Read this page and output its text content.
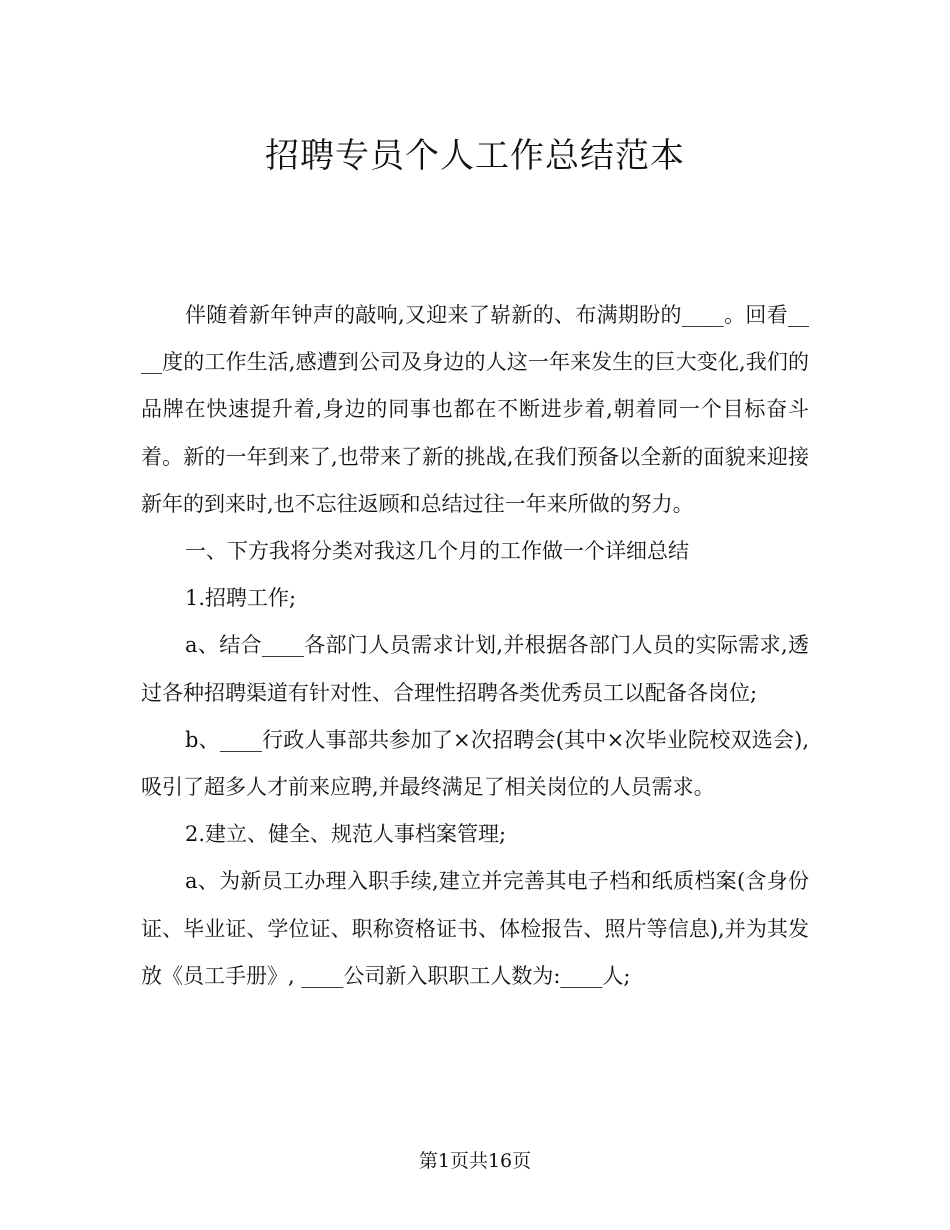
招聘专员个人工作总结范本

伴随着新年钟声的敲响,又迎来了崭新的、布满期盼的____。回看____度的工作生活,感遭到公司及身边的人这一年来发生的巨大变化,我们的品牌在快速提升着,身边的同事也都在不断进步着,朝着同一个目标奋斗着。新的一年到来了,也带来了新的挑战,在我们预备以全新的面貌来迎接新年的到来时,也不忘往返顾和总结过往一年来所做的努力。

一、下方我将分类对我这几个月的工作做一个详细总结

1.招聘工作;

a、结合____各部门人员需求计划,并根据各部门人员的实际需求,透过各种招聘渠道有针对性、合理性招聘各类优秀员工以配备各岗位;

b、____行政人事部共参加了×次招聘会(其中×次毕业院校双选会),吸引了超多人才前来应聘,并最终满足了相关岗位的人员需求。

2.建立、健全、规范人事档案管理;

a、为新员工办理入职手续,建立并完善其电子档和纸质档案(含身份证、毕业证、学位证、职称资格证书、体检报告、照片等信息),并为其发放《员工手册》, ____公司新入职职工人数为:____人;

第1页共16页
